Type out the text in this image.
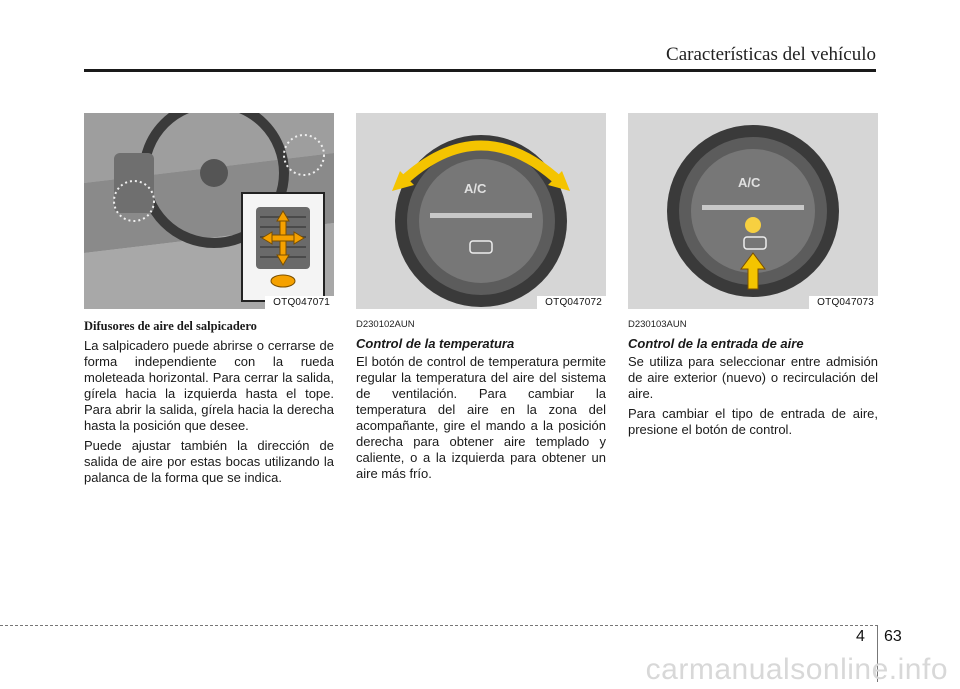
Características del vehículo
OTQ047071
A/C
OTQ047072
A/C
OTQ047073
Difusores de aire del salpicadero

La salpicadero puede abrirse o cerrarse de forma independiente con la rueda moleteada horizontal. Para cerrar la salida, gírela hacia la izquierda hasta el tope. Para abrir la salida, gírela hacia la derecha hasta la posición que desee.

Puede ajustar también la dirección de salida de aire por estas bocas utilizando la palanca de la forma que se indica.

D230102AUN
Control de la temperatura

El botón de control de temperatura permite regular la temperatura del aire del sistema de ventilación. Para cambiar la temperatura del aire en la zona del acompañante, gire el mando a la posición derecha para obtener aire templado y caliente, o a la izquierda para obtener un aire más frío.

D230103AUN
Control de la entrada de aire

Se utiliza para seleccionar entre admisión de aire exterior (nuevo) o recirculación del aire.

Para cambiar el tipo de entrada de aire, presione el botón de control.

4 63
carmanualsonline.info
